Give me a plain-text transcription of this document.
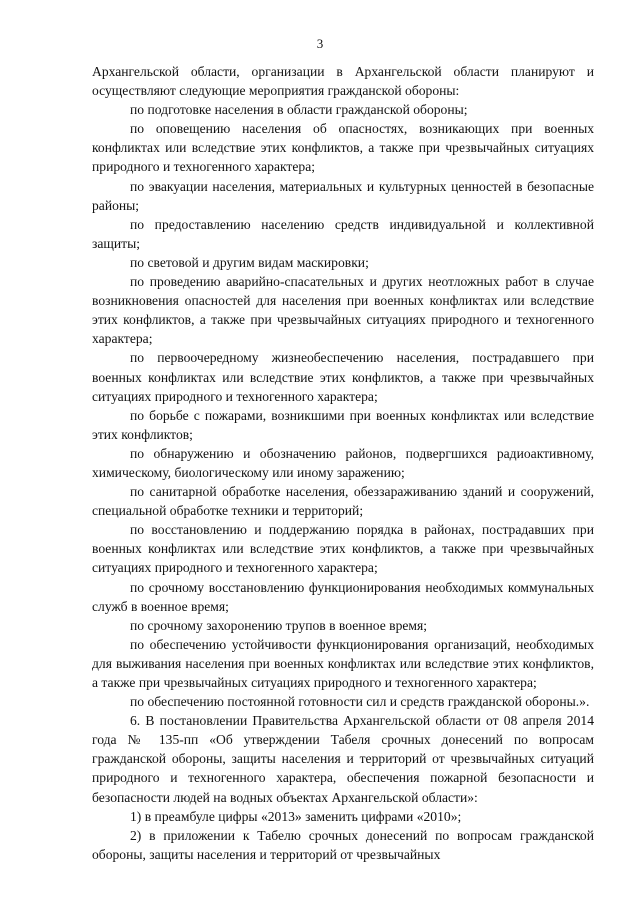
3

Архангельской области, организации в Архангельской области планируют и осуществляют следующие мероприятия гражданской обороны:

по подготовке населения в области гражданской обороны;

по оповещению населения об опасностях, возникающих при военных конфликтах или вследствие этих конфликтов, а также при чрезвычайных ситуациях природного и техногенного характера;

по эвакуации населения, материальных и культурных ценностей в безопасные районы;

по предоставлению населению средств индивидуальной и коллективной защиты;

по световой и другим видам маскировки;

по проведению аварийно-спасательных и других неотложных работ в случае возникновения опасностей для населения при военных конфликтах или вследствие этих конфликтов, а также при чрезвычайных ситуациях природного и техногенного характера;

по первоочередному жизнеобеспечению населения, пострадавшего при военных конфликтах или вследствие этих конфликтов, а также при чрезвычайных ситуациях природного и техногенного характера;

по борьбе с пожарами, возникшими при военных конфликтах или вследствие этих конфликтов;

по обнаружению и обозначению районов, подвергшихся радиоактивному, химическому, биологическому или иному заражению;

по санитарной обработке населения, обеззараживанию зданий и сооружений, специальной обработке техники и территорий;

по восстановлению и поддержанию порядка в районах, пострадавших при военных конфликтах или вследствие этих конфликтов, а также при чрезвычайных ситуациях природного и техногенного характера;

по срочному восстановлению функционирования необходимых коммунальных служб в военное время;

по срочному захоронению трупов в военное время;

по обеспечению устойчивости функционирования организаций, необходимых для выживания населения при военных конфликтах или вследствие этих конфликтов, а также при чрезвычайных ситуациях природного и техногенного характера;

по обеспечению постоянной готовности сил и средств гражданской обороны.».

6. В постановлении Правительства Архангельской области от 08 апреля 2014 года № 135-пп «Об утверждении Табеля срочных донесений по вопросам гражданской обороны, защиты населения и территорий от чрезвычайных ситуаций природного и техногенного характера, обеспечения пожарной безопасности и безопасности людей на водных объектах Архангельской области»:

1) в преамбуле цифры «2013» заменить цифрами «2010»;

2) в приложении к Табелю срочных донесений по вопросам гражданской обороны, защиты населения и территорий от чрезвычайных
